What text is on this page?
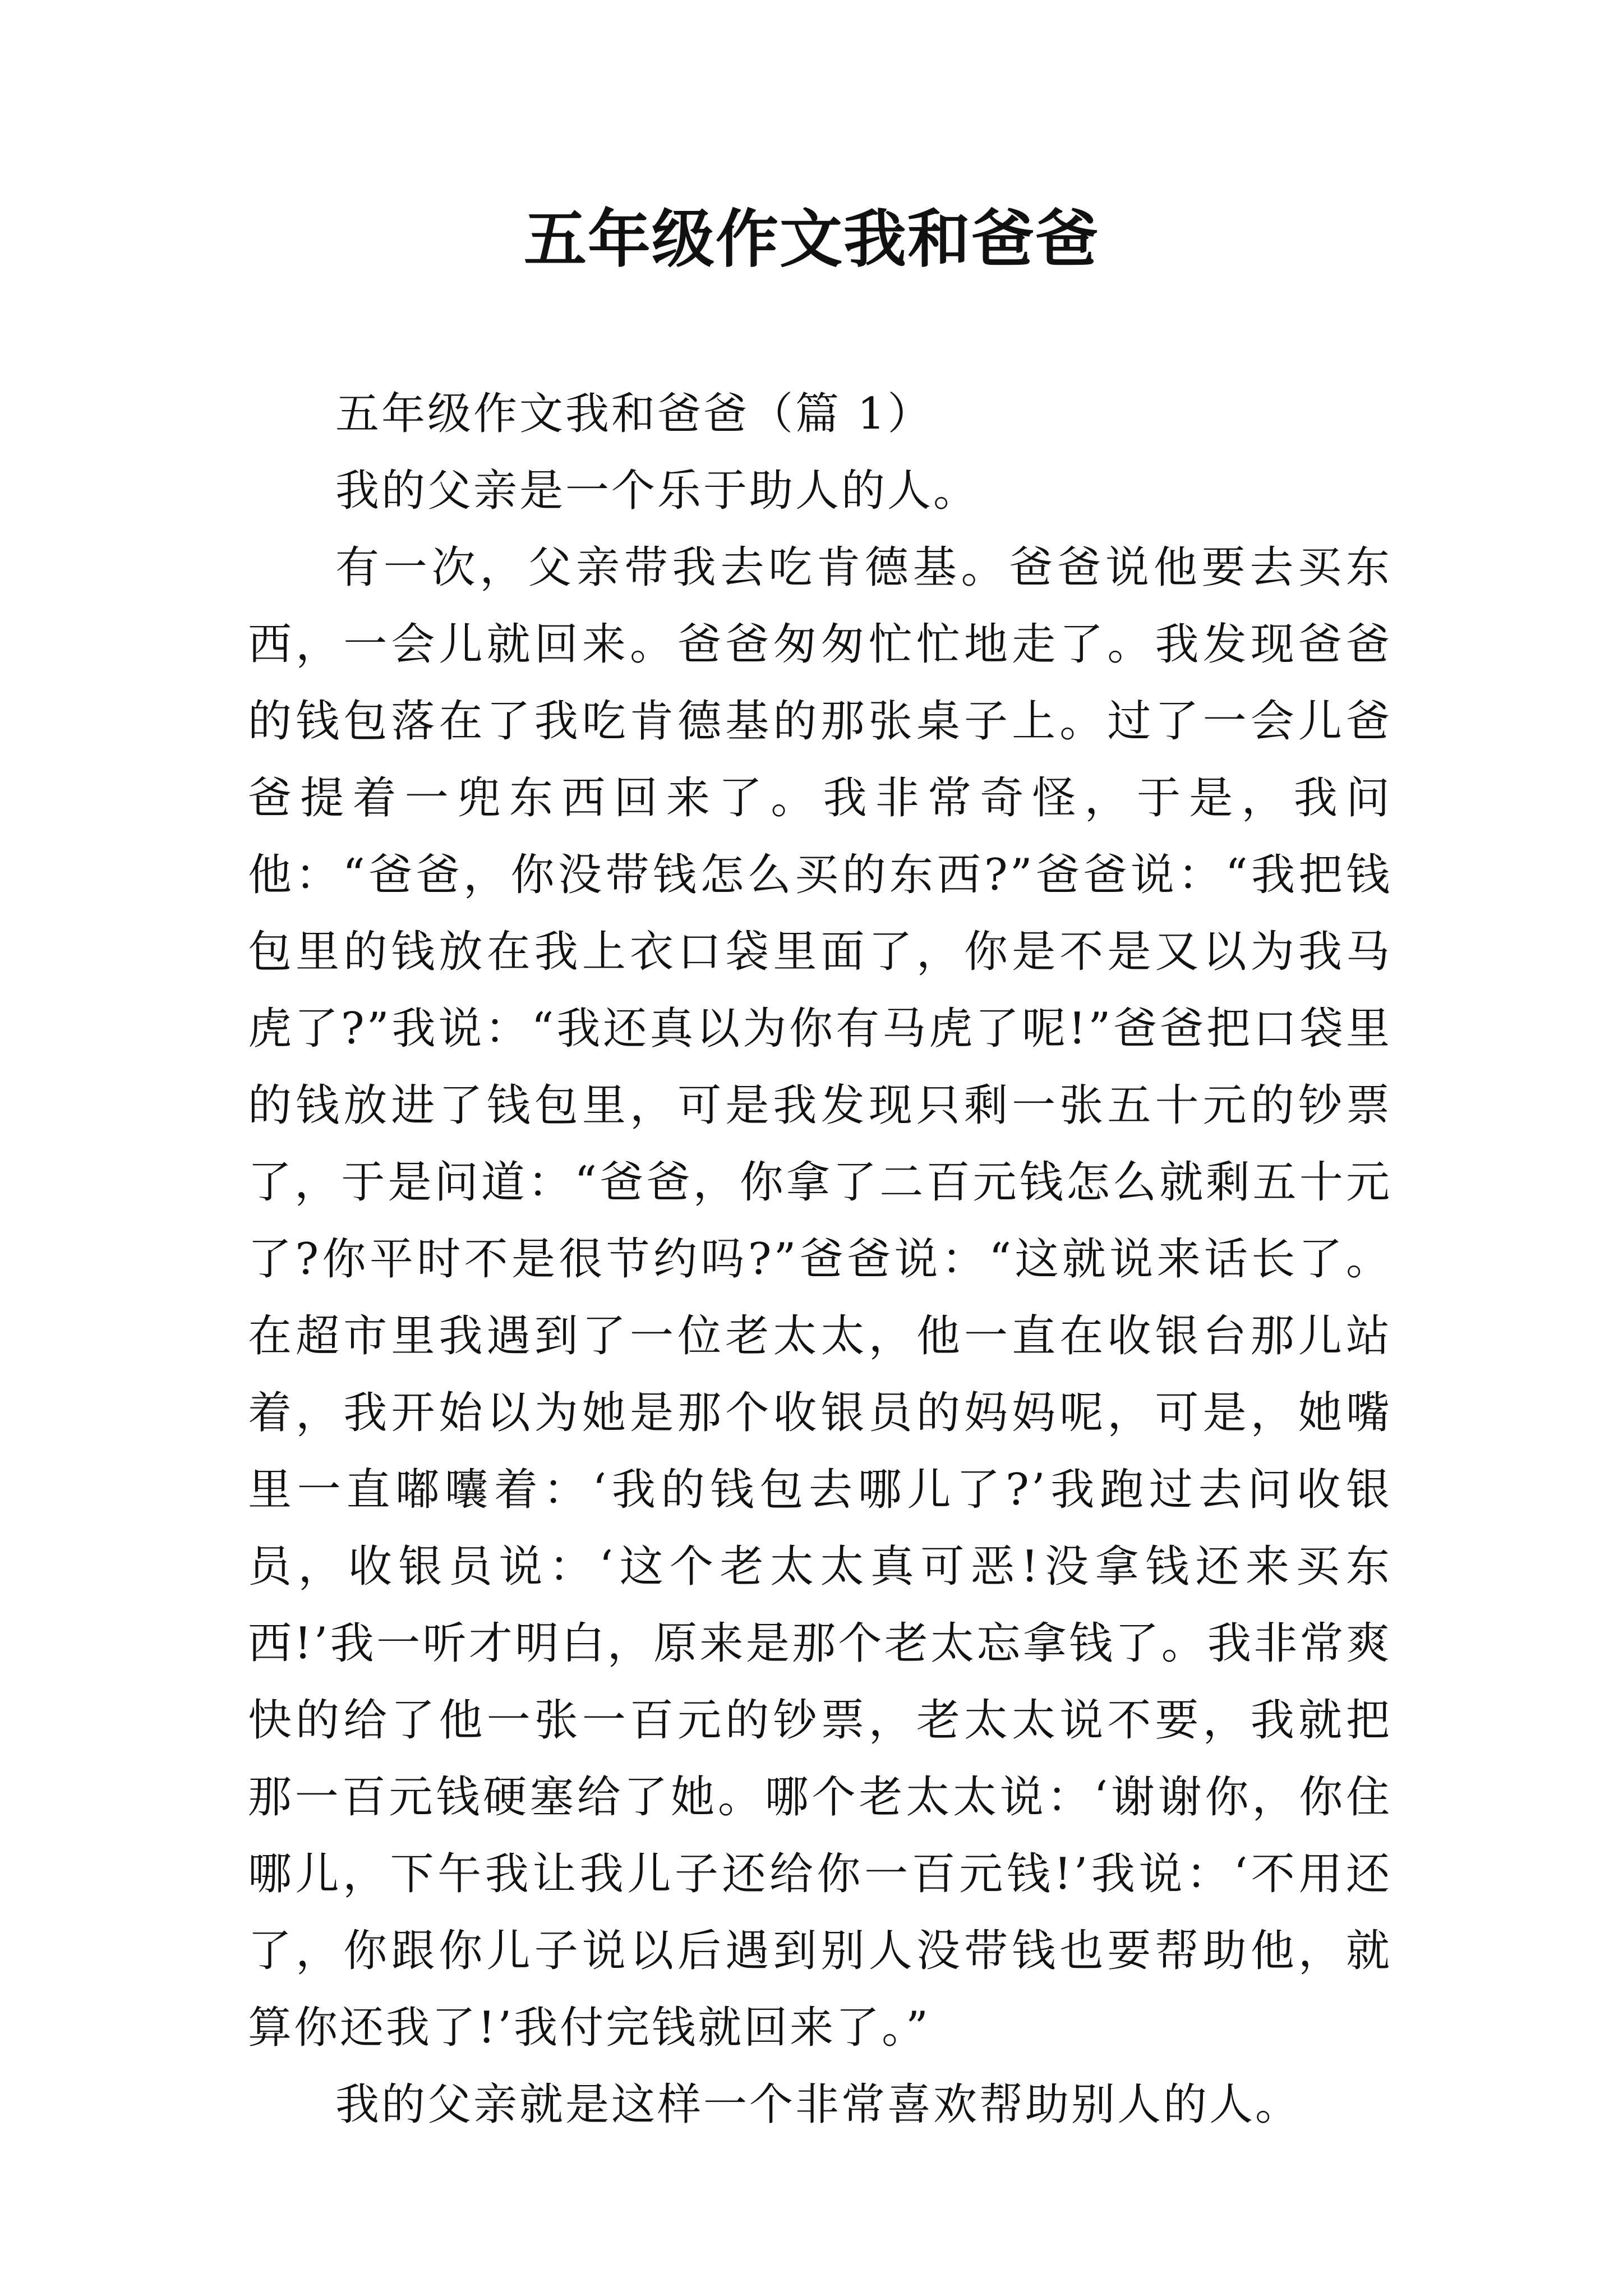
五年级作文我和爸爸

五年级作文我和爸爸（篇 1）

我的父亲是一个乐于助人的人。

有一次，父亲带我去吃肯德基。爸爸说他要去买东西，一会儿就回来。爸爸匆匆忙忙地走了。我发现爸爸的钱包落在了我吃肯德基的那张桌子上。过了一会儿爸爸提着一兜东西回来了。我非常奇怪，于是，我问他：“爸爸，你没带钱怎么买的东西?”爸爸说：“我把钱包里的钱放在我上衣口袋里面了，你是不是又以为我马虎了?”我说：“我还真以为你有马虎了呢!”爸爸把口袋里的钱放进了钱包里，可是我发现只剩一张五十元的钞票了，于是问道：“爸爸，你拿了二百元钱怎么就剩五十元了?你平时不是很节约吗?”爸爸说：“这就说来话长了。在超市里我遇到了一位老太太，他一直在收银台那儿站着，我开始以为她是那个收银员的妈妈呢，可是，她嘴里一直嘟囔着：‘我的钱包去哪儿了?’我跑过去问收银员，收银员说：‘这个老太太真可恶!没拿钱还来买东西!’我一听才明白，原来是那个老太忘拿钱了。我非常爽快的给了他一张一百元的钞票，老太太说不要，我就把那一百元钱硬塞给了她。哪个老太太说：‘谢谢你，你住哪儿，下午我让我儿子还给你一百元钱!’我说：‘不用还了，你跟你儿子说以后遇到别人没带钱也要帮助他，就算你还我了!’我付完钱就回来了。”

我的父亲就是这样一个非常喜欢帮助别人的人。
